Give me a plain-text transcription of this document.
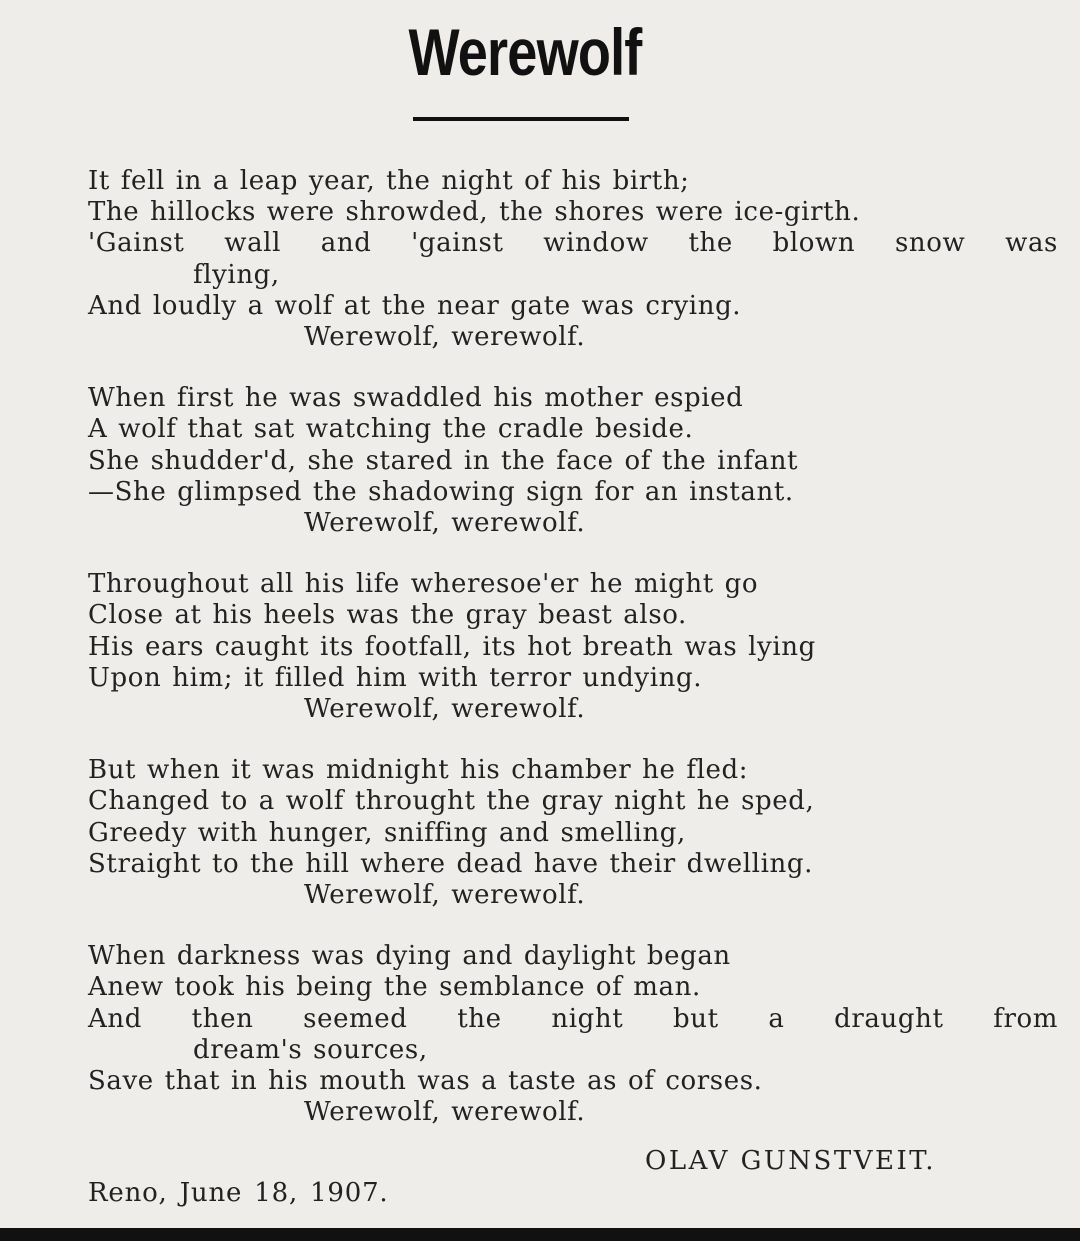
Werewolf
It fell in a leap year, the night of his birth;
The hillocks were shrowded, the shores were ice-girth.
'Gainst wall and 'gainst window the blown snow was
flying,
And loudly a wolf at the near gate was crying.
Werewolf, werewolf.
When first he was swaddled his mother espied
A wolf that sat watching the cradle beside.
She shudder'd, she stared in the face of the infant
—She glimpsed the shadowing sign for an instant.
Werewolf, werewolf.
Throughout all his life wheresoe'er he might go
Close at his heels was the gray beast also.
His ears caught its footfall, its hot breath was lying
Upon him; it filled him with terror undying.
Werewolf, werewolf.
But when it was midnight his chamber he fled:
Changed to a wolf throught the gray night he sped,
Greedy with hunger, sniffing and smelling,
Straight to the hill where dead have their dwelling.
Werewolf, werewolf.
When darkness was dying and daylight began
Anew took his being the semblance of man.
And then seemed the night but a draught from
dream's sources,
Save that in his mouth was a taste as of corses.
Werewolf, werewolf.
OLAV GUNSTVEIT.
Reno, June 18, 1907.
